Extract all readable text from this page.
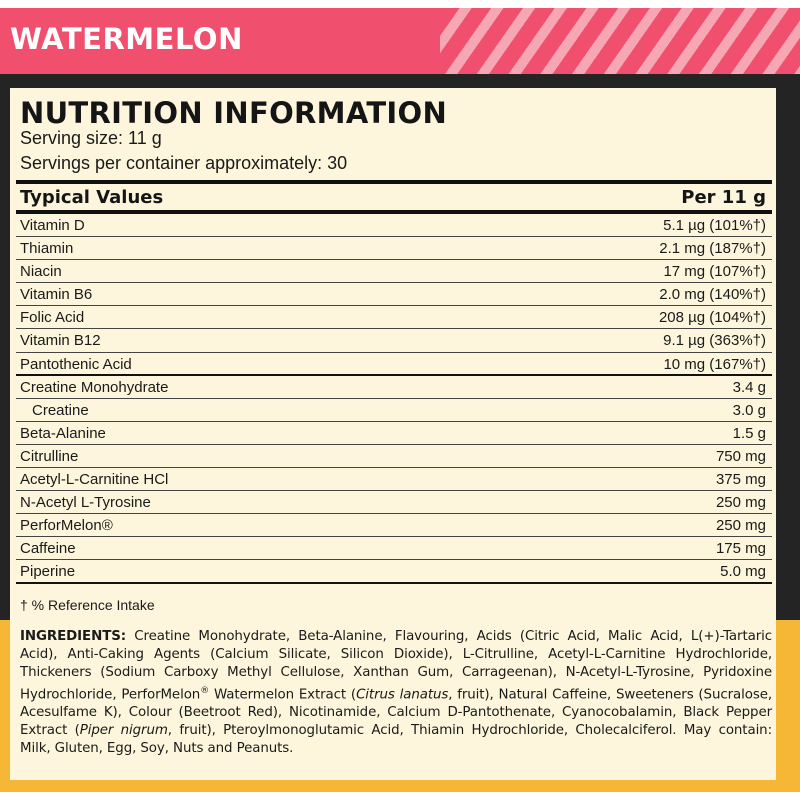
WATERMELON
NUTRITION INFORMATION
Serving size: 11 g
Servings per container approximately: 30
Typical Values	Per 11 g
Vitamin D	5.1 µg (101%†)
Thiamin	2.1 mg (187%†)
Niacin	17 mg (107%†)
Vitamin B6	2.0 mg (140%†)
Folic Acid	208 µg (104%†)
Vitamin B12	9.1 µg (363%†)
Pantothenic Acid	10 mg (167%†)
Creatine Monohydrate	3.4 g
Creatine	3.0 g
Beta-Alanine	1.5 g
Citrulline	750 mg
Acetyl-L-Carnitine HCl	375 mg
N-Acetyl L-Tyrosine	250 mg
PerforMelon®	250 mg
Caffeine	175 mg
Piperine	5.0 mg
† % Reference Intake
INGREDIENTS: Creatine Monohydrate, Beta-Alanine, Flavouring, Acids (Citric Acid, Malic Acid, L(+)-Tartaric Acid), Anti-Caking Agents (Calcium Silicate, Silicon Dioxide), L-Citrulline, Acetyl-L-Carnitine Hydrochloride, Thickeners (Sodium Carboxy Methyl Cellulose, Xanthan Gum, Carrageenan), N-Acetyl-L-Tyrosine, Pyridoxine Hydrochloride, PerforMelon® Watermelon Extract (Citrus lanatus, fruit), Natural Caffeine, Sweeteners (Sucralose, Acesulfame K), Colour (Beetroot Red), Nicotinamide, Calcium D-Pantothenate, Cyanocobalamin, Black Pepper Extract (Piper nigrum, fruit), Pteroylmonoglutamic Acid, Thiamin Hydrochloride, Cholecalciferol. May contain: Milk, Gluten, Egg, Soy, Nuts and Peanuts.
